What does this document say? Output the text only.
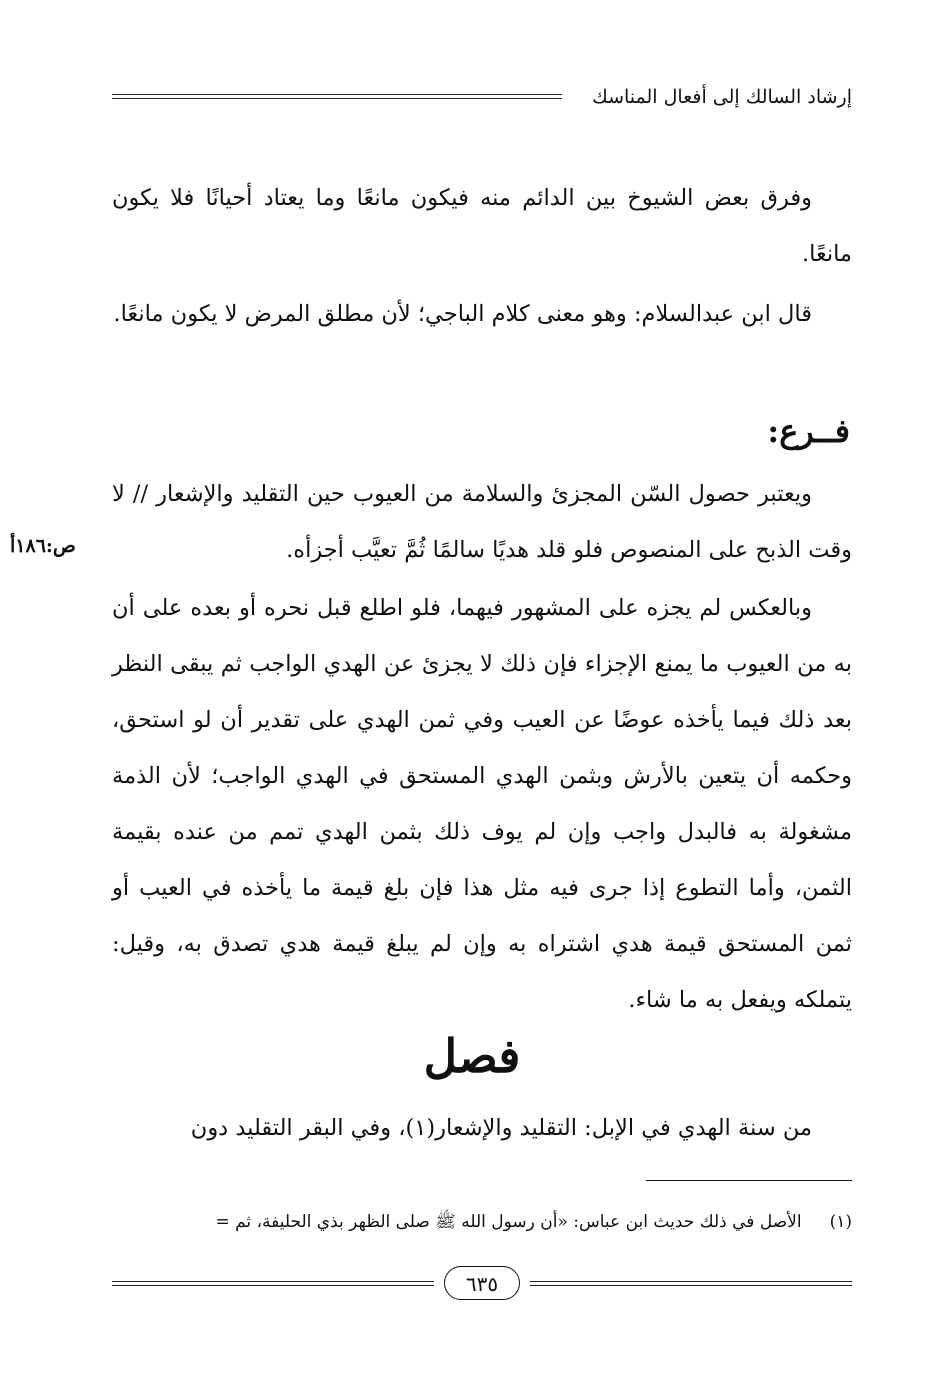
إرشاد السالك إلى أفعال المناسك

وفرق بعض الشيوخ بين الدائم منه فيكون مانعًا وما يعتاد أحيانًا فلا يكون مانعًا.

قال ابن عبدالسلام: وهو معنى كلام الباجي؛ لأن مطلق المرض لا يكون مانعًا.

فــرع:

ويعتبر حصول السّن المجزئ والسلامة من العيوب حين التقليد والإشعار // لا وقت الذبح على المنصوص فلو قلد هديًا سالمًا ثُمَّ تعيَّب أجزأه.

ص:١٨٦أ

وبالعكس لم يجزه على المشهور فيهما، فلو اطلع قبل نحره أو بعده على أن به من العيوب ما يمنع الإجزاء فإن ذلك لا يجزئ عن الهدي الواجب ثم يبقى النظر بعد ذلك فيما يأخذه عوضًا عن العيب وفي ثمن الهدي على تقدير أن لو استحق، وحكمه أن يتعين بالأرش وبثمن الهدي المستحق في الهدي الواجب؛ لأن الذمة مشغولة به فالبدل واجب وإن لم يوف ذلك بثمن الهدي تمم من عنده بقيمة الثمن، وأما التطوع إذا جرى فيه مثل هذا فإن بلغ قيمة ما يأخذه في العيب أو ثمن المستحق قيمة هدي اشتراه به وإن لم يبلغ قيمة هدي تصدق به، وقيل: يتملكه ويفعل به ما شاء.

فصل

من سنة الهدي في الإبل: التقليد والإشعار(١)، وفي البقر التقليد دون

(١)الأصل في ذلك حديث ابن عباس: «أن رسول الله ﷺ صلى الظهر بذي الحليفة، ثم =
٦٣٥
